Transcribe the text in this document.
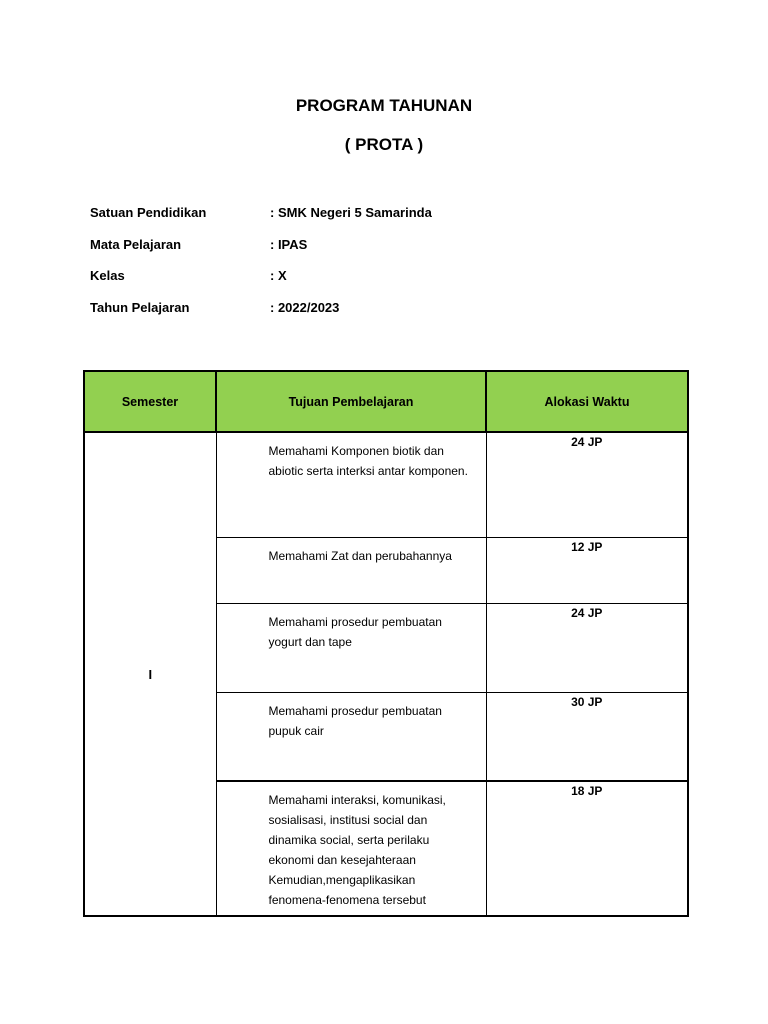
PROGRAM TAHUNAN
( PROTA )
Satuan Pendidikan	: SMK Negeri 5 Samarinda
Mata Pelajaran	: IPAS
Kelas	: X
Tahun Pelajaran	: 2022/2023
Semester	Tujuan Pembelajaran	Alokasi Waktu
I	Memahami Komponen biotik dan abiotic serta interksi antar komponen.	24 JP
	Memahami Zat dan perubahannya	12 JP
	Memahami prosedur pembuatan yogurt dan tape	24 JP
	Memahami prosedur pembuatan pupuk cair	30 JP
	Memahami interaksi, komunikasi, sosialisasi, institusi social dan dinamika social, serta perilaku ekonomi dan kesejahteraan Kemudian,mengaplikasikan fenomena-fenomena tersebut	18 JP
